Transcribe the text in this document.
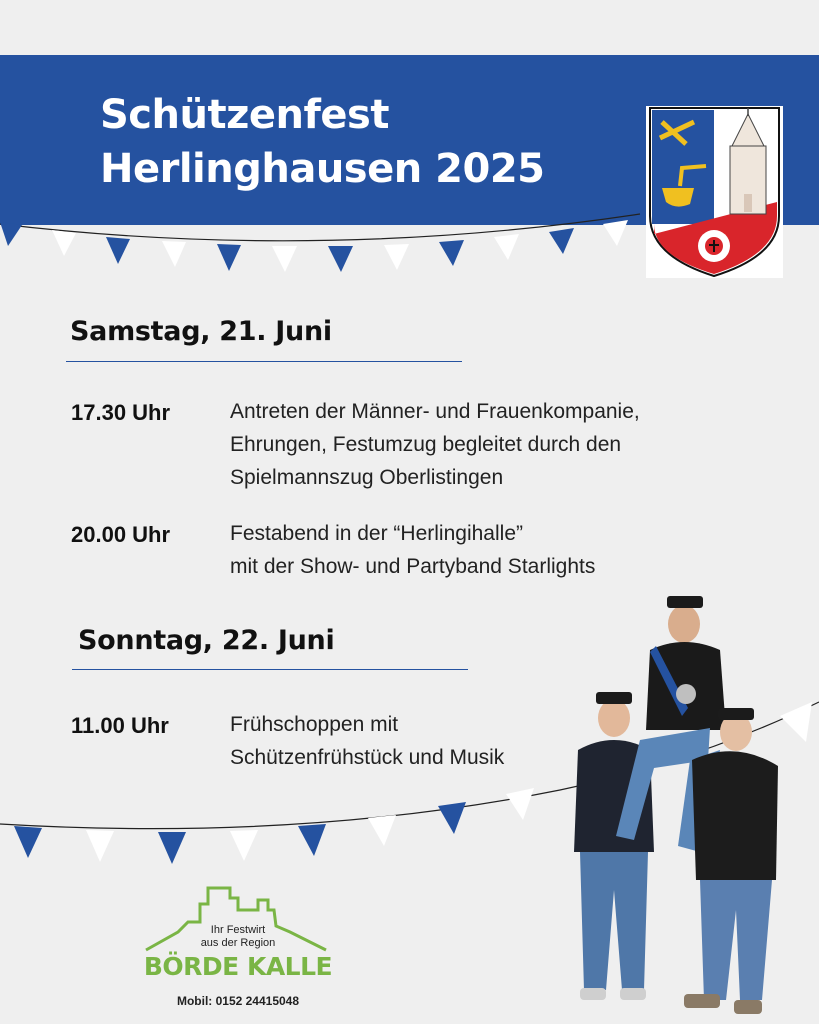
Schützenfest
Herlinghausen 2025
Samstag, 21. Juni
17.30 Uhr	Antreten der Männer- und Frauenkompanie,
Ehrungen, Festumzug begleitet durch den
Spielmannszug Oberlistingen
20.00 Uhr	Festabend in der “Herlingihalle”
mit der Show- und Partyband Starlights
Sonntag, 22. Juni
11.00 Uhr	Frühschoppen mit
Schützenfrühstück und Musik
Ihr Festwirt
aus der Region
BÖRDE KALLE
Mobil: 0152 24415048
